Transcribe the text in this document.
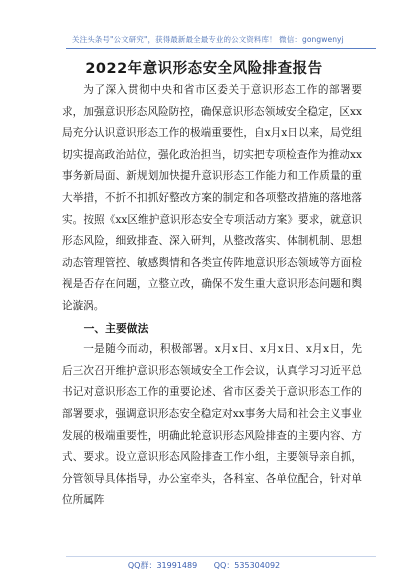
关注头条号"公文研究"，获得最新最全最专业的公文资料库！ 微信：gongwenyj
2022年意识形态安全风险排查报告

为了深入贯彻中央和省市区委关于意识形态工作的部署要求，加强意识形态风险防控，确保意识形态领域安全稳定，区xx局充分认识意识形态工作的极端重要性，自x月x日以来，局党组切实提高政治站位，强化政治担当，切实把专项检查作为推动xx事务新局面、新规划加快提升意识形态工作能力和工作质量的重大举措，不折不扣抓好整改方案的制定和各项整改措施的落地落实。按照《xx区维护意识形态安全专项活动方案》要求，就意识形态风险，细致排查、深入研判，从整改落实、体制机制、思想动态管理管控、敏感舆情和各类宣传阵地意识形态领域等方面检视是否存在问题，立整立改，确保不发生重大意识形态问题和舆论漩涡。

一、主要做法

一是随今而动，积极部署。x月x日、x月x日、x月x日，先后三次召开维护意识形态领域安全工作会议，认真学习习近平总书记对意识形态工作的重要论述、省市区委关于意识形态工作的部署要求，强调意识形态安全稳定对xx事务大局和社会主义事业发展的极端重要性，明确此轮意识形态风险排查的主要内容、方式、要求。设立意识形态风险排查工作小组，主要领导亲自抓，分管领导具体指导，办公室牵头，各科室、各单位配合，针对单位所属阵

QQ群：31991489 QQ：535304092
